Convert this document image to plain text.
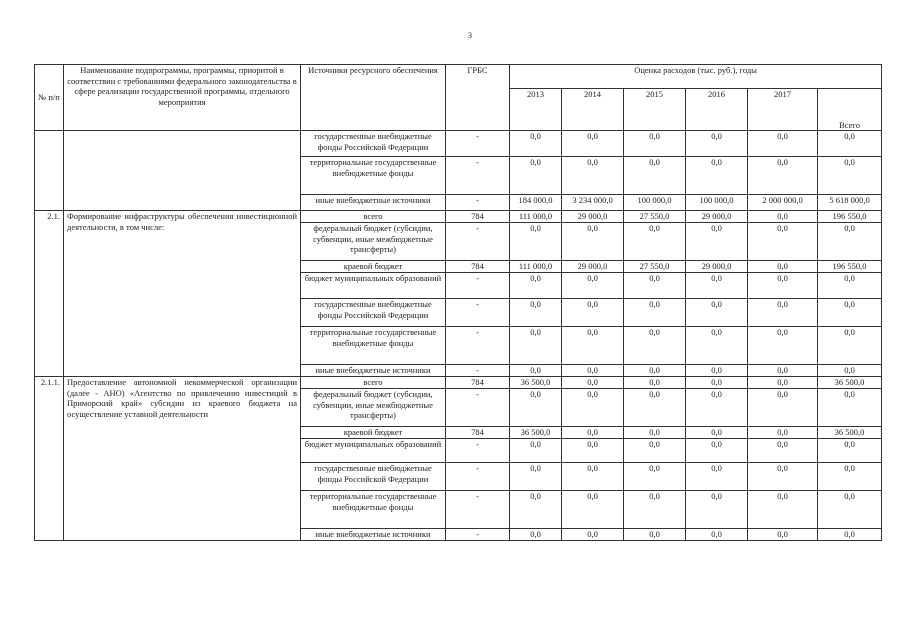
3
№ п/п	Наименование подпрограммы, программы, приоритой в соответствии с требованиями федерального законодательства в сфере реализации государственной программы, отдельного мероприятия	Источники ресурсного обеспечения	ГРБС	Оценка расходов (тыс. руб.), годы					
				2013	2014	2015	2016	2017	Всего
		государственные внебюджетные фонды Российской Федерации	-	0,0	0,0	0,0	0,0	0,0	0,0
		территориальные государственные внебюджетные фонды	-	0,0	0,0	0,0	0,0	0,0	0,0
		иные внебюджетные источники	-	184 000,0	3 234 000,0	100 000,0	100 000,0	2 000 000,0	5 618 000,0
2.1.	Формирование инфраструктуры обеспечения инвестиционной деятельности, в том числе:	всего	784	111 000,0	29 000,0	27 550,0	29 000,0	0,0	196 550,0
		федеральный бюджет (субсидии, субвенции, иные межбюджетные трансферты)	-	0,0	0,0	0,0	0,0	0,0	0,0
		краевой бюджет	784	111 000,0	29 000,0	27 550,0	29 000,0	0,0	196 550,0
		бюджет муниципальных образований	-	0,0	0,0	0,0	0,0	0,0	0,0
		государственные внебюджетные фонды Российской Федерации	-	0,0	0,0	0,0	0,0	0,0	0,0
		территориальные государственные внебюджетные фонды	-	0,0	0,0	0,0	0,0	0,0	0,0
		иные внебюджетные источники	-	0,0	0,0	0,0	0,0	0,0	0,0
2.1.1.	Предоставление автономной некоммерческой организации (далее - АНО) «Агентство по привлечению инвестиций в Приморский край» субсидии из краевого бюджета на осуществление уставной деятельности	всего	784	36 500,0	0,0	0,0	0,0	0,0	36 500,0
		федеральный бюджет (субсидии, субвенции, иные межбюджетные трансферты)	-	0,0	0,0	0,0	0,0	0,0	0,0
		краевой бюджет	784	36 500,0	0,0	0,0	0,0	0,0	36 500,0
		бюджет муниципальных образований	-	0,0	0,0	0,0	0,0	0,0	0,0
		государственные внебюджетные фонды Российской Федерации	-	0,0	0,0	0,0	0,0	0,0	0,0
		территориальные государственные внебюджетные фонды	-	0,0	0,0	0,0	0,0	0,0	0,0
		иные внебюджетные источники	-	0,0	0,0	0,0	0,0	0,0	0,0
